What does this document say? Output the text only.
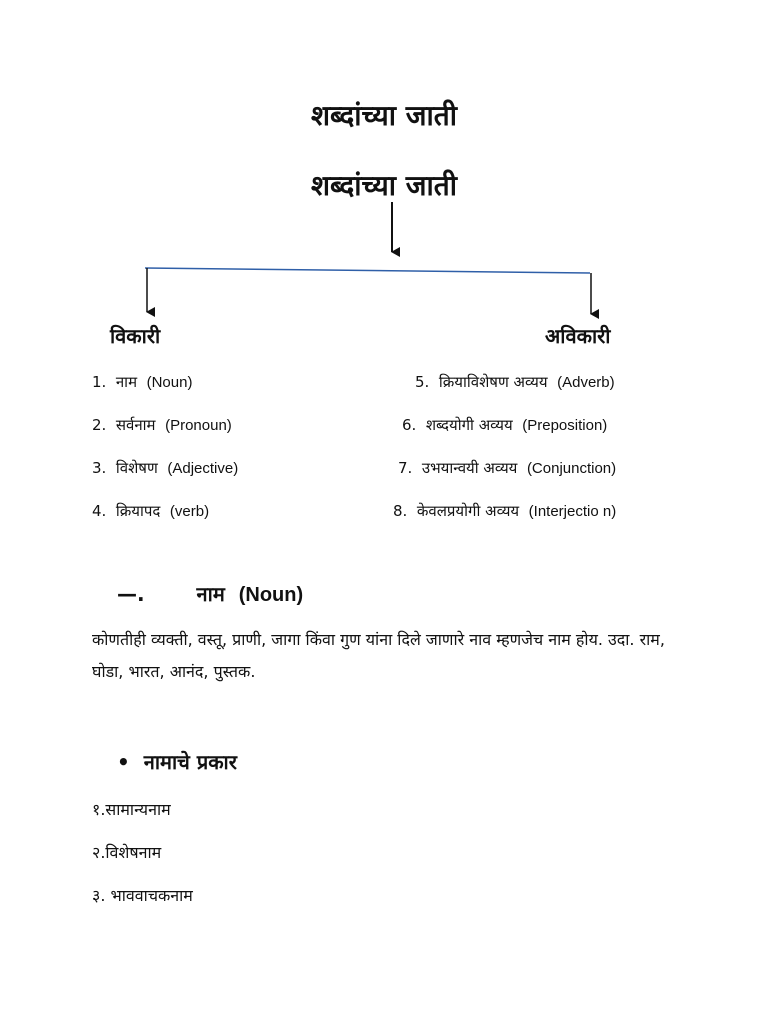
शब्दांच्या जाती
शब्दांच्या जाती
विकारी	अविकारी
1. नाम (Noun)
2. सर्वनाम (Pronoun)
3. विशेषण (Adjective)
4. क्रियापद (verb)
5. क्रियाविशेषण अव्यय (Adverb)
6. शब्दयोगी अव्यय (Preposition)
7. उभयान्वयी अव्यय (Conjunction)
8. केवलप्रयोगी अव्यय (Interjectio n)
—.	नाम (Noun)
कोणतीही व्यक्ती, वस्तू, प्राणी, जागा किंवा गुण यांना दिले जाणारे नाव म्हणजेच नाम होय. उदा. राम, घोडा, भारत, आनंद, पुस्तक.
• नामाचे प्रकार
१.सामान्यनाम
२.विशेषनाम
३. भाववाचकनाम
